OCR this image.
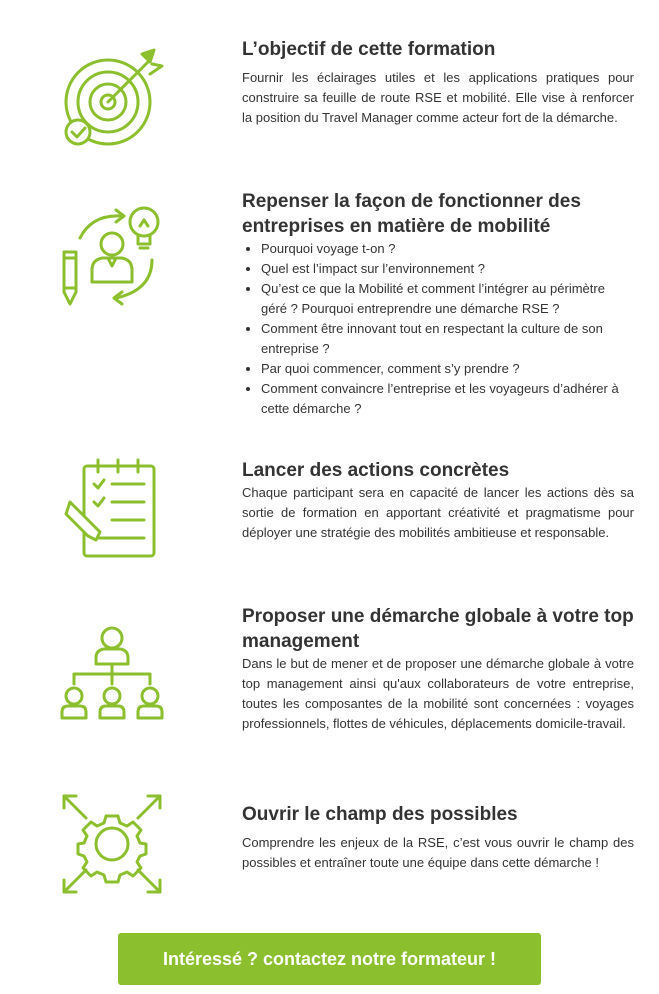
L’objectif de cette formation

Fournir les éclairages utiles et les applications pratiques pour construire sa feuille de route RSE et mobilité. Elle vise à renforcer la position du Travel Manager comme acteur fort de la démarche.

Repenser la façon de fonctionner des entreprises en matière de mobilité
• Pourquoi voyage t-on ?
• Quel est l’impact sur l’environnement ?
• Qu’est ce que la Mobilité et comment l’intégrer au périmètre géré ? Pourquoi entreprendre une démarche RSE ?
• Comment être innovant tout en respectant la culture de son entreprise ?
• Par quoi commencer, comment s’y prendre ?
• Comment convaincre l’entreprise et les voyageurs d’adhérer à cette démarche ?
Lancer des actions concrètes

Chaque participant sera en capacité de lancer les actions dès sa sortie de formation en apportant créativité et pragmatisme pour déployer une stratégie des mobilités ambitieuse et responsable.

Proposer une démarche globale à votre top management

Dans le but de mener et de proposer une démarche globale à votre top management ainsi qu'aux collaborateurs de votre entreprise, toutes les composantes de la mobilité sont concernées : voyages professionnels, flottes de véhicules, déplacements domicile-travail.

Ouvrir le champ des possibles

Comprendre les enjeux de la RSE, c’est vous ouvrir le champ des possibles et entraîner toute une équipe dans cette démarche !

Intéressé ? contactez notre formateur !
